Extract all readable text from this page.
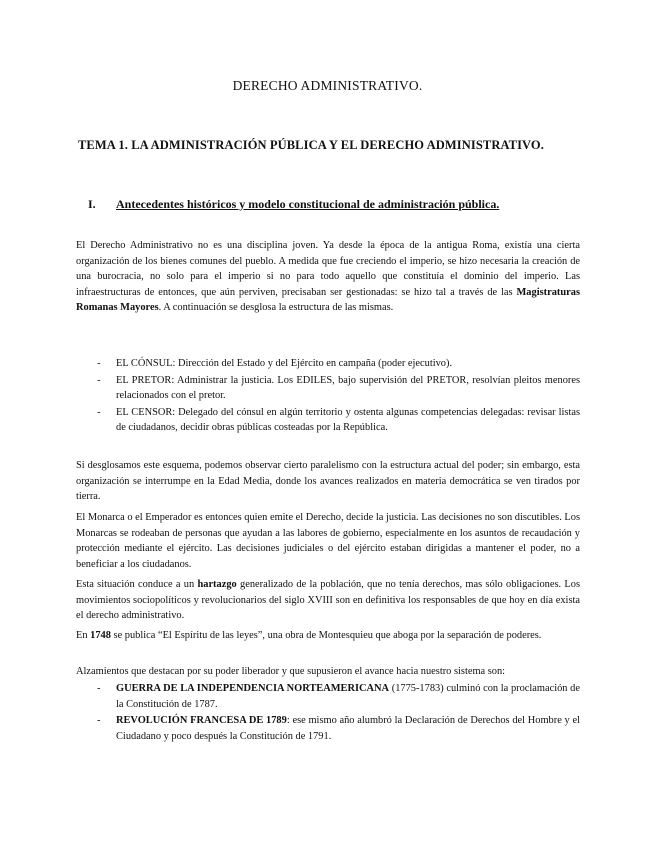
DERECHO ADMINISTRATIVO.
TEMA 1. LA ADMINISTRACIÓN PÚBLICA Y EL DERECHO ADMINISTRATIVO.
I. Antecedentes históricos y modelo constitucional de administración pública.

El Derecho Administrativo no es una disciplina joven. Ya desde la época de la antigua Roma, existía una cierta organización de los bienes comunes del pueblo. A medida que fue creciendo el imperio, se hizo necesaria la creación de una burocracia, no solo para el imperio si no para todo aquello que constituía el dominio del imperio. Las infraestructuras de entonces, que aún perviven, precisaban ser gestionadas: se hizo tal a través de las Magistraturas Romanas Mayores. A continuación se desglosa la estructura de las mismas.

- EL CÓNSUL: Dirección del Estado y del Ejército en campaña (poder ejecutivo).
- EL PRETOR: Administrar la justicia. Los EDILES, bajo supervisión del PRETOR, resolvían pleitos menores relacionados con el pretor.
- EL CENSOR: Delegado del cónsul en algún territorio y ostenta algunas competencias delegadas: revisar listas de ciudadanos, decidir obras públicas costeadas por la República.

Si desglosamos este esquema, podemos observar cierto paralelismo con la estructura actual del poder; sin embargo, esta organización se interrumpe en la Edad Media, donde los avances realizados en materia democrática se ven tirados por tierra.

El Monarca o el Emperador es entonces quien emite el Derecho, decide la justicia. Las decisiones no son discutibles. Los Monarcas se rodeaban de personas que ayudan a las labores de gobierno, especialmente en los asuntos de recaudación y protección mediante el ejército. Las decisiones judiciales o del ejército estaban dirigidas a mantener el poder, no a beneficiar a los ciudadanos.

Esta situación conduce a un hartazgo generalizado de la población, que no tenía derechos, mas sólo obligaciones. Los movimientos sociopolíticos y revolucionarios del siglo XVIII son en definitiva los responsables de que hoy en día exista el derecho administrativo.

En 1748 se publica “El Espíritu de las leyes”, una obra de Montesquieu que aboga por la separación de poderes.

Alzamientos que destacan por su poder liberador y que supusieron el avance hacia nuestro sistema son:

- GUERRA DE LA INDEPENDENCIA NORTEAMERICANA (1775-1783) culminó con la proclamación de la Constitución de 1787.
- REVOLUCIÓN FRANCESA DE 1789: ese mismo año alumbró la Declaración de Derechos del Hombre y el Ciudadano y poco después la Constitución de 1791.
